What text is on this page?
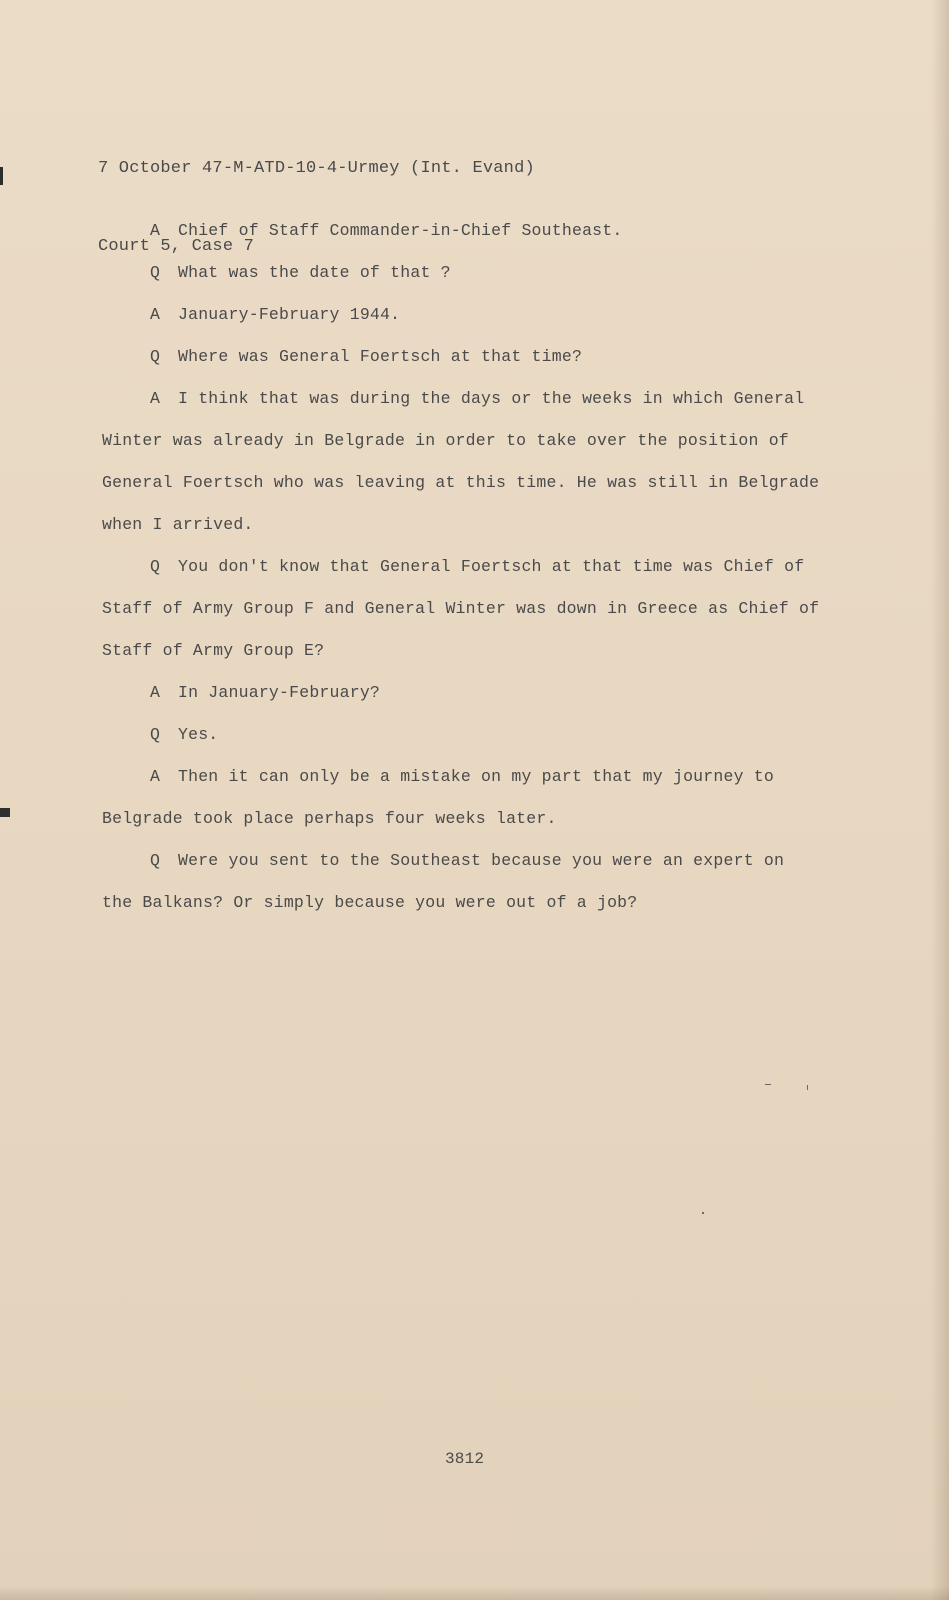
7 October 47-M-ATD-10-4-Urmey (Int. Evand)

Court 5, Case 7

A Chief of Staff Commander-in-Chief Southeast.
Q What was the date of that ?
A January-February 1944.
Q Where was General Foertsch at that time?
A I think that was during the days or the weeks in which General
Winter was already in Belgrade in order to take over the position of
General Foertsch who was leaving at this time. He was still in Belgrade
when I arrived.
Q You don't know that General Foertsch at that time was Chief of
Staff of Army Group F and General Winter was down in Greece as Chief of
Staff of Army Group E?
A In January-February?
Q Yes.
A Then it can only be a mistake on my part that my journey to
Belgrade took place perhaps four weeks later.
Q Were you sent to the Southeast because you were an expert on
the Balkans? Or simply because you were out of a job?
3812
